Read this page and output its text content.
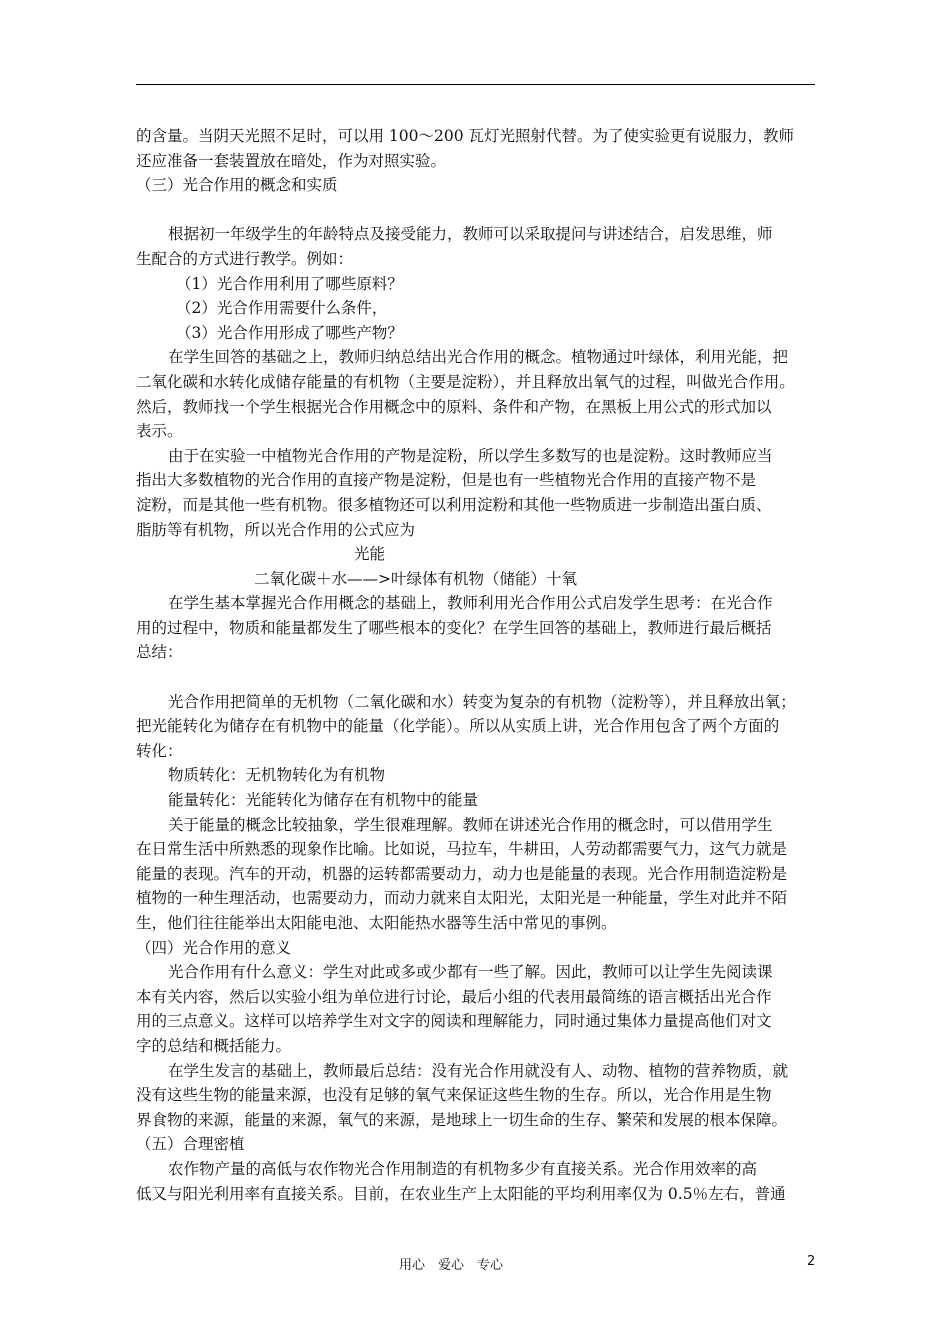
的含量。当阴天光照不足时，可以用 100～200 瓦灯光照射代替。为了使实验更有说服力，教师

还应准备一套装置放在暗处，作为对照实验。

（三）光合作用的概念和实质

根据初一年级学生的年龄特点及接受能力，教师可以采取提问与讲述结合，启发思维，师

生配合的方式进行教学。例如：

（1）光合作用利用了哪些原料？

（2）光合作用需要什么条件，

（3）光合作用形成了哪些产物？

在学生回答的基础之上，教师归纳总结出光合作用的概念。植物通过叶绿体，利用光能，把

二氧化碳和水转化成储存能量的有机物（主要是淀粉），并且释放出氧气的过程，叫做光合作用。

然后，教师找一个学生根据光合作用概念中的原料、条件和产物，在黑板上用公式的形式加以

表示。

由于在实验一中植物光合作用的产物是淀粉，所以学生多数写的也是淀粉。这时教师应当

指出大多数植物的光合作用的直接产物是淀粉，但是也有一些植物光合作用的直接产物不是

淀粉，而是其他一些有机物。很多植物还可以利用淀粉和其他一些物质进一步制造出蛋白质、

脂肪等有机物，所以光合作用的公式应为

光能

二氧化碳＋水——>叶绿体有机物（储能）十氧

在学生基本掌握光合作用概念的基础上，教师利用光合作用公式启发学生思考：在光合作

用的过程中，物质和能量都发生了哪些根本的变化？在学生回答的基础上，教师进行最后概括

总结：

光合作用把简单的无机物（二氧化碳和水）转变为复杂的有机物（淀粉等），并且释放出氧；

把光能转化为储存在有机物中的能量（化学能）。所以从实质上讲，光合作用包含了两个方面的

转化：

物质转化：无机物转化为有机物

能量转化：光能转化为储存在有机物中的能量

关于能量的概念比较抽象，学生很难理解。教师在讲述光合作用的概念时，可以借用学生

在日常生活中所熟悉的现象作比喻。比如说，马拉车，牛耕田，人劳动都需要气力，这气力就是

能量的表现。汽车的开动，机器的运转都需要动力，动力也是能量的表现。光合作用制造淀粉是

植物的一种生理活动，也需要动力，而动力就来自太阳光，太阳光是一种能量，学生对此并不陌

生，他们往往能举出太阳能电池、太阳能热水器等生活中常见的事例。

（四）光合作用的意义

光合作用有什么意义：学生对此或多或少都有一些了解。因此，教师可以让学生先阅读课

本有关内容，然后以实验小组为单位进行讨论，最后小组的代表用最简练的语言概括出光合作

用的三点意义。这样可以培养学生对文字的阅读和理解能力，同时通过集体力量提高他们对文

字的总结和概括能力。

在学生发言的基础上，教师最后总结：没有光合作用就没有人、动物、植物的营养物质，就

没有这些生物的能量来源，也没有足够的氧气来保证这些生物的生存。所以，光合作用是生物

界食物的来源，能量的来源，氧气的来源，是地球上一切生命的生存、繁荣和发展的根本保障。

（五）合理密植

农作物产量的高低与农作物光合作用制造的有机物多少有直接关系。光合作用效率的高

低又与阳光利用率有直接关系。目前，在农业生产上太阳能的平均利用率仅为 0.5％左右，普通

用心　爱心　专心	2
